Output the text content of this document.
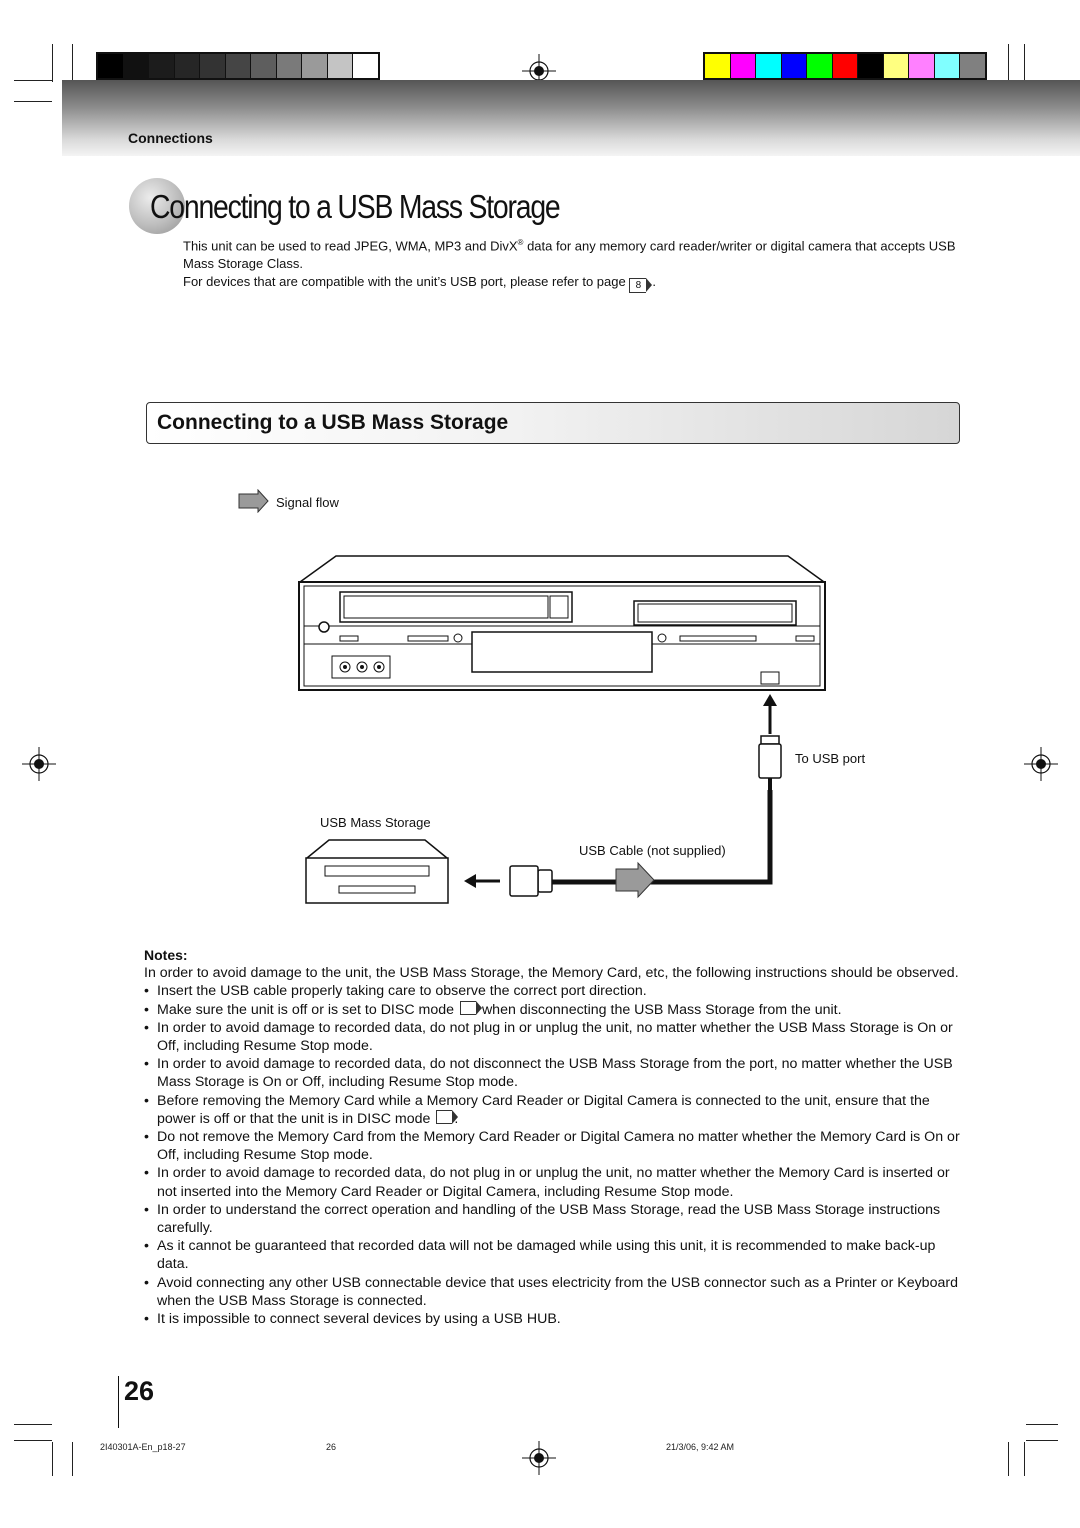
Connections
Connecting to a USB Mass Storage

This unit can be used to read JPEG, WMA, MP3 and DivX® data for any memory card reader/writer or digital camera that accepts USB Mass Storage Class.

For devices that are compatible with the unit’s USB port, please refer to page 8 .

Connecting to a USB Mass Storage
Signal flow
To USB port
USB Mass Storage
USB Cable (not supplied)
Notes:

In order to avoid damage to the unit, the USB Mass Storage, the Memory Card, etc, the following instructions should be observed.

• Insert the USB cable properly taking care to observe the correct port direction.
• Make sure the unit is off or is set to DISC mode when disconnecting the USB Mass Storage from the unit.
• In order to avoid damage to recorded data, do not plug in or unplug the unit, no matter whether the USB Mass Storage is On or Off, including Resume Stop mode.
• In order to avoid damage to recorded data, do not disconnect the USB Mass Storage from the port, no matter whether the USB Mass Storage is On or Off, including Resume Stop mode.
• Before removing the Memory Card while a Memory Card Reader or Digital Camera is connected to the unit, ensure that the power is off or that the unit is in DISC mode .
• Do not remove the Memory Card from the Memory Card Reader or Digital Camera no matter whether the Memory Card is On or Off, including Resume Stop mode.
• In order to avoid damage to recorded data, do not plug in or unplug the unit, no matter whether the Memory Card is inserted or not inserted into the Memory Card Reader or Digital Camera, including Resume Stop mode.
• In order to understand the correct operation and handling of the USB Mass Storage, read the USB Mass Storage instructions carefully.
• As it cannot be guaranteed that recorded data will not be damaged while using this unit, it is recommended to make back-up data.
• Avoid connecting any other USB connectable device that uses electricity from the USB connector such as a Printer or Keyboard when the USB Mass Storage is connected.
• It is impossible to connect several devices by using a USB HUB.
26
2I40301A-En_p18-27	26	21/3/06, 9:42 AM
